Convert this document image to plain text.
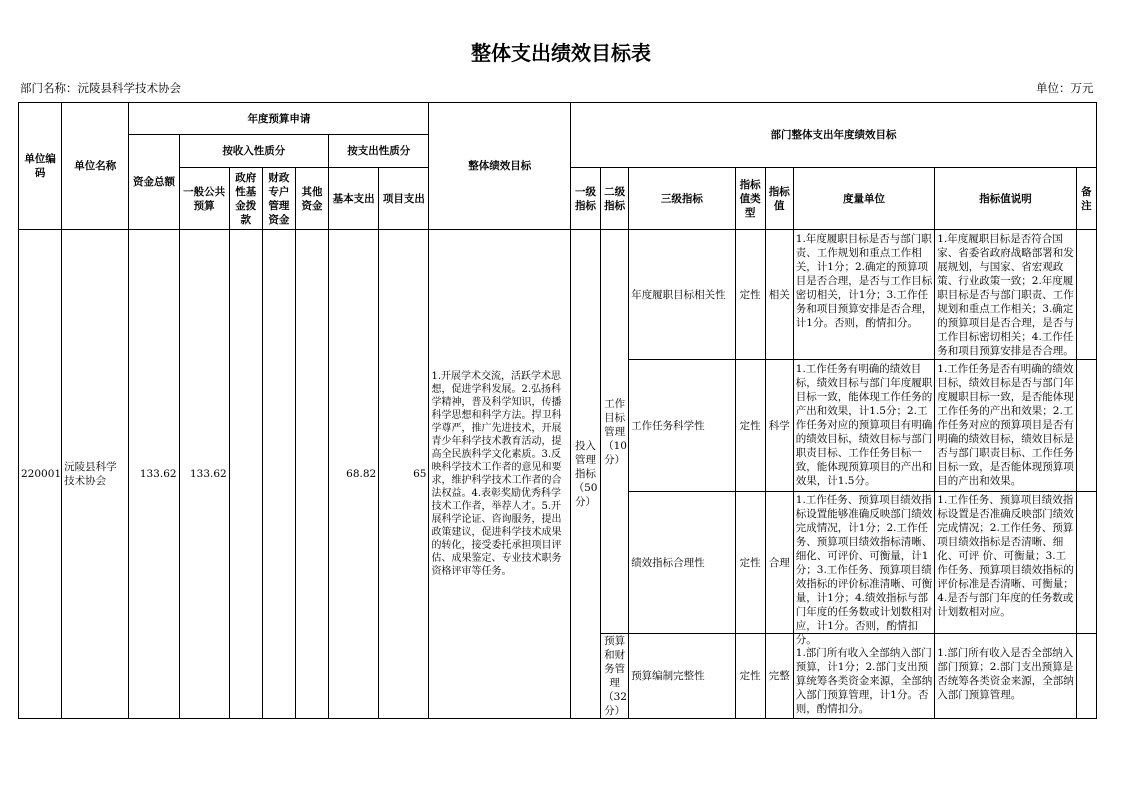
整体支出绩效目标表
部门名称：沅陵县科学技术协会	单位：万元
单位编码	单位名称	年度预算申请							整体绩效目标	部门整体支出年度绩效目标							
		资金总额	按收入性质分				按支出性质分										
			一般公共预算	政府性基金拨款	财政专户管理资金	其他资金	基本支出	项目支出		一级指标	二级指标	三级指标	指标值类型	指标值	度量单位	指标值说明	备注

220001	沅陵县科学技术协会	133.62	133.62				68.82	65	1.开展学术交流，活跃学术思想，促进学科发展。2.弘扬科学精神，普及科学知识，传播科学思想和科学方法。捍卫科学尊严，推广先进技术，开展青少年科学技术教育活动，提高全民族科学文化素质。3.反映科学技术工作者的意见和要求，维护科学技术工作者的合法权益。4.表彰奖励优秀科学技术工作者，举荐人才。5.开展科学论证、咨询服务，提出政策建议，促进科学技术成果的转化，接受委托承担项目评估、成果鉴定、专业技术职务资格评审等任务。	投入管理指标（50分）	工作目标管理（10分）	年度履职目标相关性	定性	相关	1.年度履职目标是否与部门职责、工作规划和重点工作相关，计1分；2.确定的预算项目是否合理，是否与工作目标密切相关，计1分；3.工作任务和项目预算安排是否合理，计1分。否则，酌情扣分。	1.年度履职目标是否符合国家、省委省政府战略部署和发展规划，与国家、省宏观政策、行业政策一致；2.年度履职目标是否与部门职责、工作规划和重点工作相关；3.确定的预算项目是否合理，是否与工作目标密切相关；4.工作任务和项目预算安排是否合理。	

												工作任务科学性	定性	科学	1.工作任务有明确的绩效目标，绩效目标与部门年度履职目标一致，能体现工作任务的产出和效果，计1.5分；2.工作任务对应的预算项目有明确的绩效目标，绩效目标与部门职责目标、工作任务目标一致，能体现预算项目的产出和效果，计1.5分。	1.工作任务是否有明确的绩效目标，绩效目标是否与部门年度履职目标一致，是否能体现工作任务的产出和效果；2.工作任务对应的预算项目是否有明确的绩效目标，绩效目标是否与部门职责目标、工作任务目标一致，是否能体现预算项目的产出和效果。	

												绩效指标合理性	定性	合理	1.工作任务、预算项目绩效指标设置能够准确反映部门绩效完成情况，计1分；2.工作任务、预算项目绩效指标清晰、细化、可评价、可衡量，计1分；3.工作任务、预算项目绩效指标的评价标准清晰、可衡量，计1分；4.绩效指标与部门年度的任务数或计划数相对应，计1分。否则，酌情扣分。	1.工作任务、预算项目绩效指标设置是否准确反映部门绩效完成情况；2.工作任务、预算项目绩效指标是否清晰、细化、可评 价、可衡量；3.工作任务、预算项目绩效指标的评价标准是否清晰、可衡量；4.是否与部门年度的任务数或计划数相对应。	

											预算和财务管理（32分）	预算编制完整性	定性	完整	1.部门所有收入全部纳入部门预算，计1分；2.部门支出预算统筹各类资金来源，全部纳入部门预算管理，计1分。否则，酌情扣分。	1.部门所有收入是否全部纳入部门预算；2.部门支出预算是否统筹各类资金来源，全部纳入部门预算管理。	
